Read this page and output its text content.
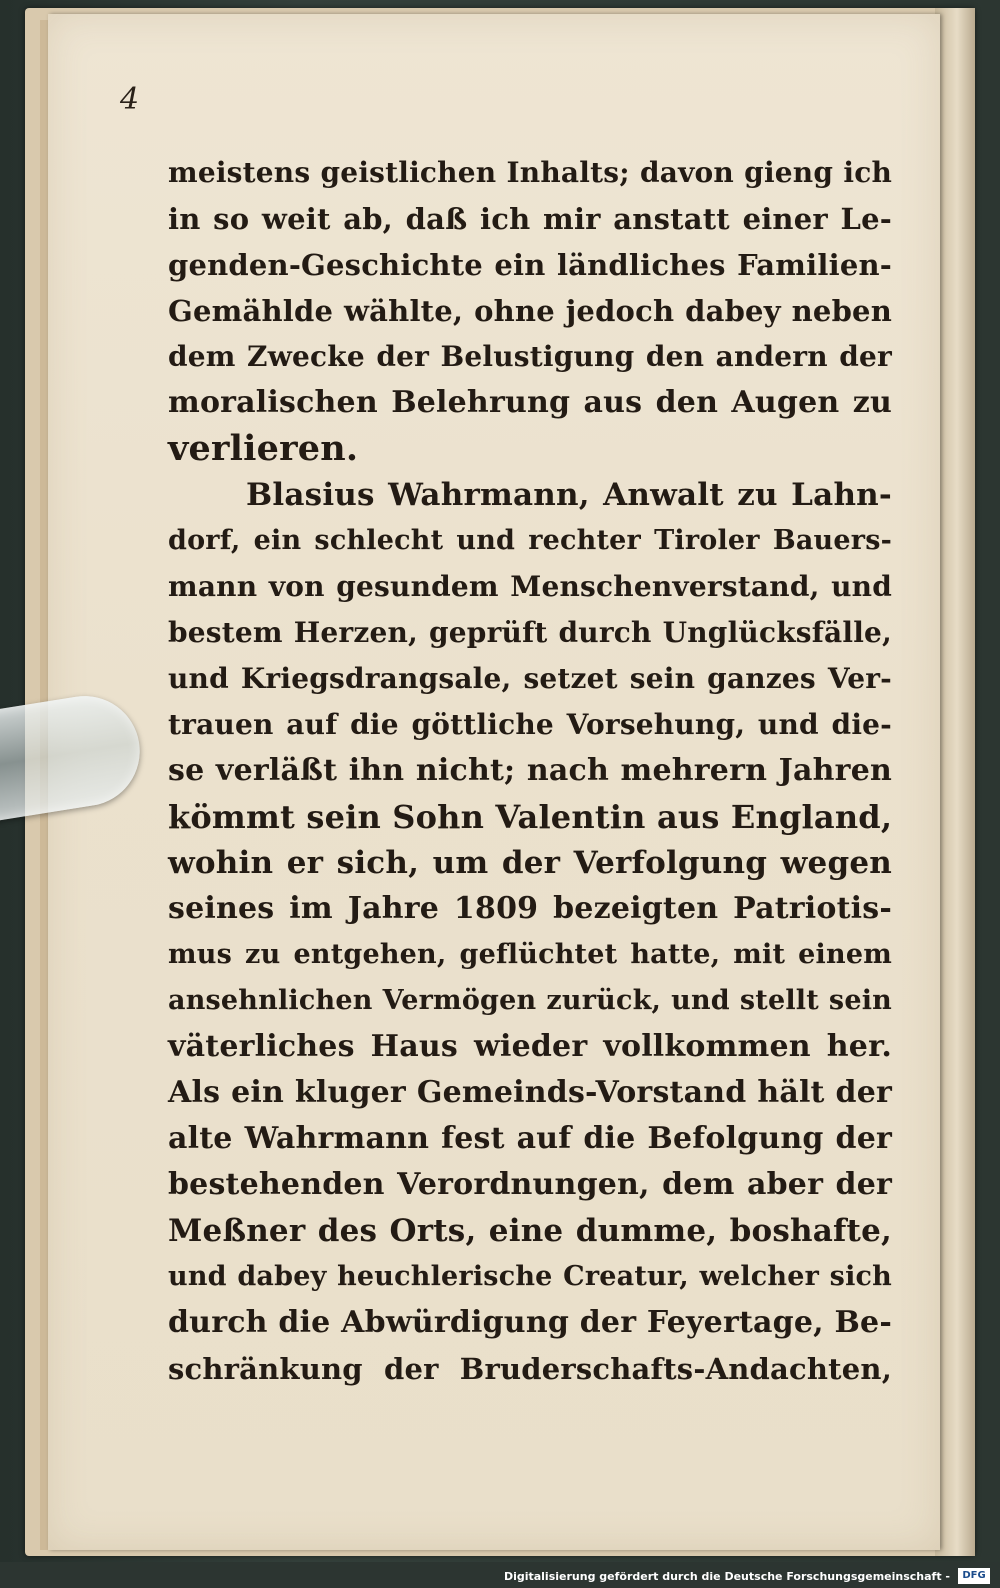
4
meistens geistlichen Inhalts; davon gieng ich
in so weit ab, daß ich mir anstatt einer Le-
genden-Geschichte ein ländliches Familien-
Gemählde wählte, ohne jedoch dabey neben
dem Zwecke der Belustigung den andern der
moralischen Belehrung aus den Augen zu
verlieren.
Blasius Wahrmann, Anwalt zu Lahn-
dorf, ein schlecht und rechter Tiroler Bauers-
mann von gesundem Menschenverstand, und
bestem Herzen, geprüft durch Unglücksfälle,
und Kriegsdrangsale, setzet sein ganzes Ver-
trauen auf die göttliche Vorsehung, und die-
se verläßt ihn nicht; nach mehrern Jahren
kömmt sein Sohn Valentin aus England,
wohin er sich, um der Verfolgung wegen
seines im Jahre 1809 bezeigten Patriotis-
mus zu entgehen, geflüchtet hatte, mit einem
ansehnlichen Vermögen zurück, und stellt sein
väterliches Haus wieder vollkommen her.
Als ein kluger Gemeinds-Vorstand hält der
alte Wahrmann fest auf die Befolgung der
bestehenden Verordnungen, dem aber der
Meßner des Orts, eine dumme, boshafte,
und dabey heuchlerische Creatur, welcher sich
durch die Abwürdigung der Feyertage, Be-
schränkung der Bruderschafts-Andachten,
Digitalisierung gefördert durch die Deutsche Forschungsgemeinschaft -	DFG
